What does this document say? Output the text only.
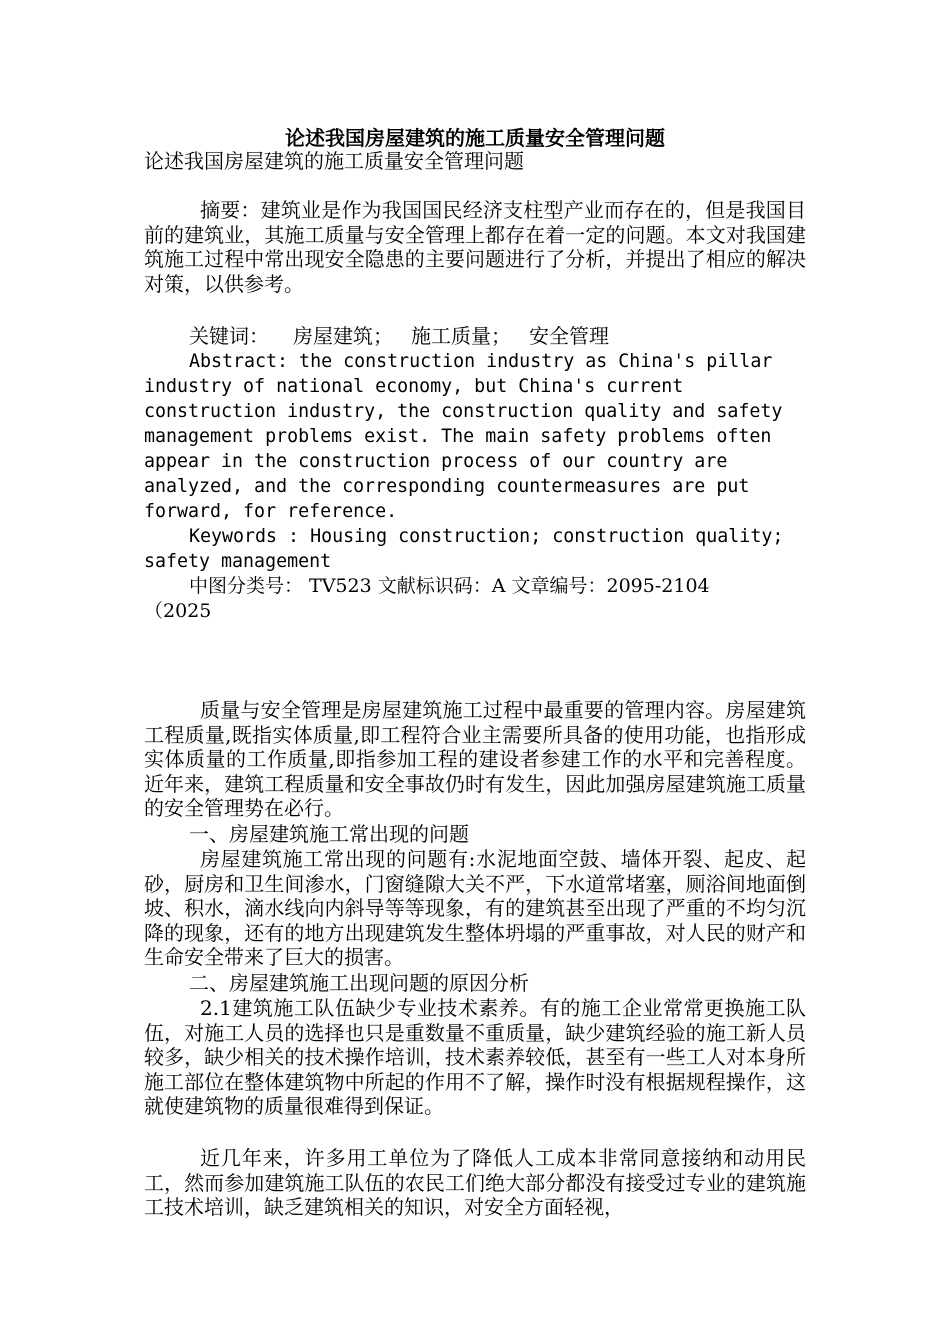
论述我国房屋建筑的施工质量安全管理问题
论述我国房屋建筑的施工质量安全管理问题

摘要：建筑业是作为我国国民经济支柱型产业而存在的，但是我国目前的建筑业，其施工质量与安全管理上都存在着一定的问题。本文对我国建筑施工过程中常出现安全隐患的主要问题进行了分析，并提出了相应的解决对策，以供参考。

关键词： 房屋建筑； 施工质量； 安全管理

Abstract: the construction industry as China's pillar industry of national economy, but China's current construction industry, the construction quality and safety management problems exist. The main safety problems often appear in the construction process of our country are analyzed, and the corresponding countermeasures are put forward, for reference.

Keywords : Housing construction; construction quality; safety management

中图分类号： TV523 文献标识码：A 文章编号：2095-2104（2025

质量与安全管理是房屋建筑施工过程中最重要的管理内容。房屋建筑工程质量,既指实体质量,即工程符合业主需要所具备的使用功能，也指形成实体质量的工作质量,即指参加工程的建设者参建工作的水平和完善程度。近年来，建筑工程质量和安全事故仍时有发生，因此加强房屋建筑施工质量的安全管理势在必行。

一、房屋建筑施工常出现的问题

房屋建筑施工常出现的问题有:水泥地面空鼓、墙体开裂、起皮、起砂，厨房和卫生间渗水，门窗缝隙大关不严，下水道常堵塞，厕浴间地面倒坡、积水，滴水线向内斜导等等现象，有的建筑甚至出现了严重的不均匀沉降的现象，还有的地方出现建筑发生整体坍塌的严重事故，对人民的财产和生命安全带来了巨大的损害。

二、房屋建筑施工出现问题的原因分析

2.1建筑施工队伍缺少专业技术素养。有的施工企业常常更换施工队伍，对施工人员的选择也只是重数量不重质量，缺少建筑经验的施工新人员较多，缺少相关的技术操作培训，技术素养较低，甚至有一些工人对本身所施工部位在整体建筑物中所起的作用不了解，操作时没有根据规程操作，这就使建筑物的质量很难得到保证。

近几年来，许多用工单位为了降低人工成本非常同意接纳和动用民工，然而参加建筑施工队伍的农民工们绝大部分都没有接受过专业的建筑施工技术培训，缺乏建筑相关的知识，对安全方面轻视，
